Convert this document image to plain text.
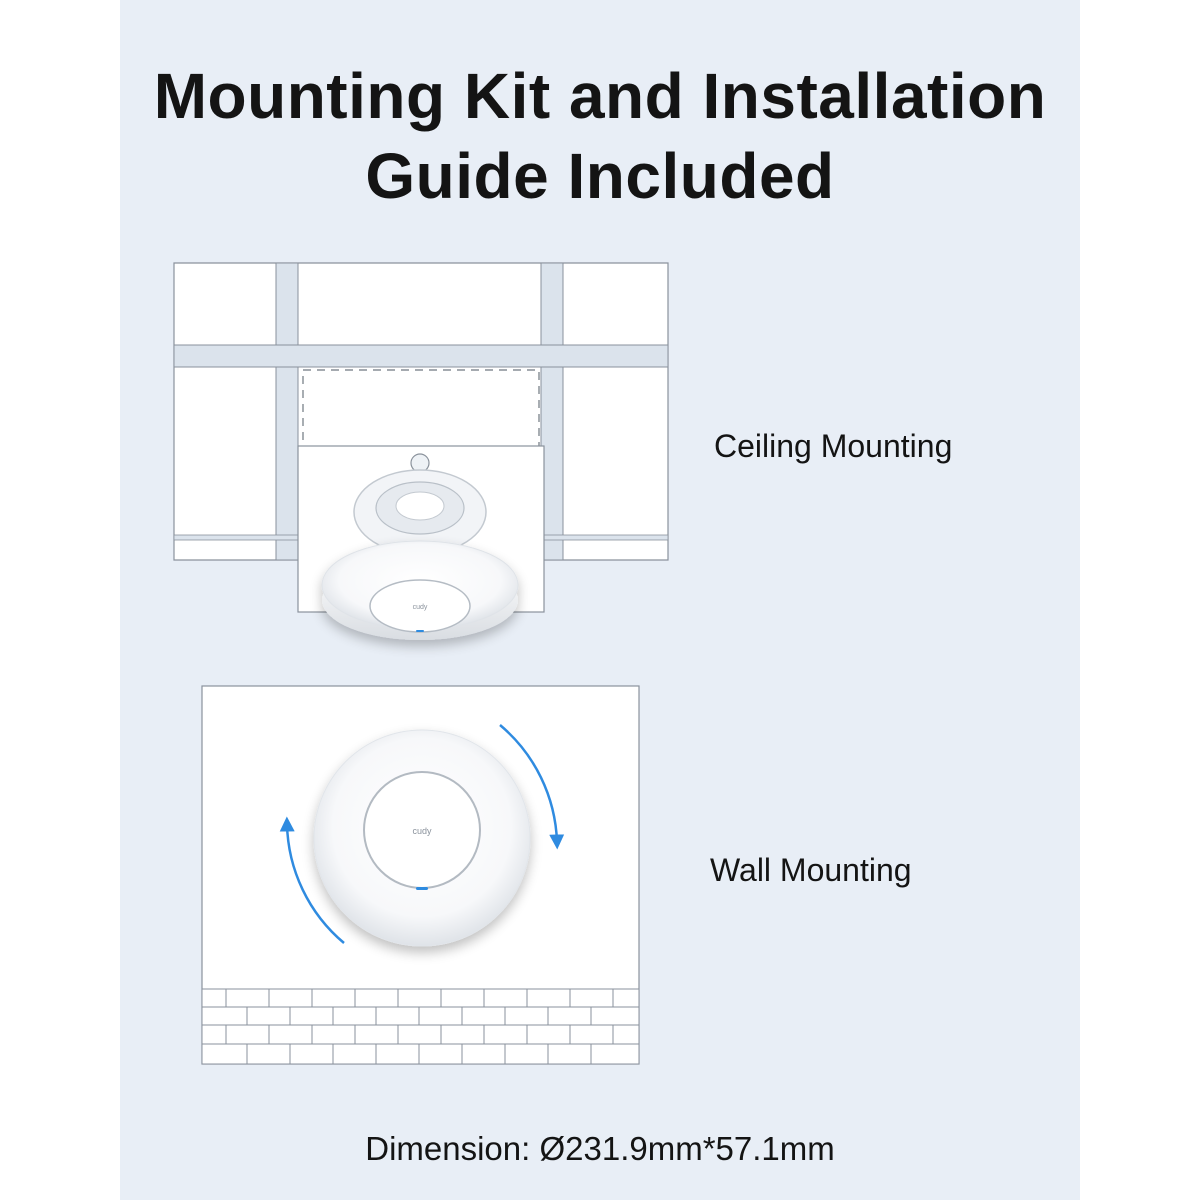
Mounting Kit and Installation
Guide Included
cudy
cudy
Ceiling Mounting
Wall Mounting
Dimension: Ø231.9mm*57.1mm
